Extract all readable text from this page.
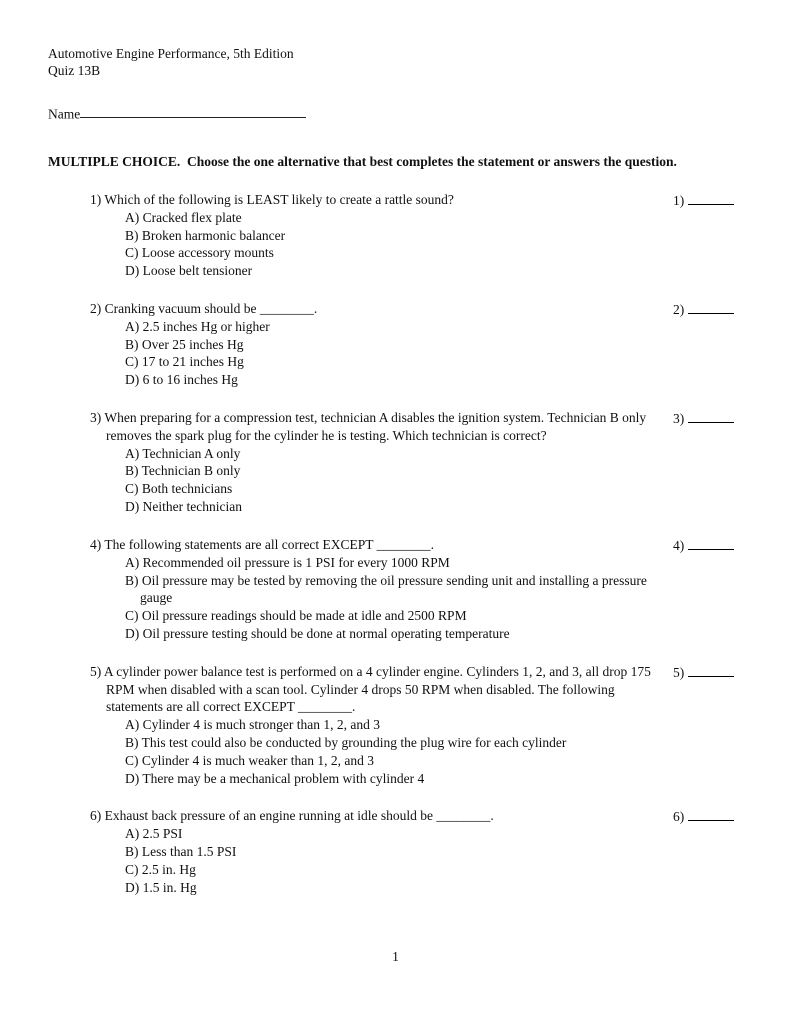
Automotive Engine Performance, 5th Edition
Quiz 13B
Name
MULTIPLE CHOICE.  Choose the one alternative that best completes the statement or answers the question.
1) Which of the following is LEAST likely to create a rattle sound?
A) Cracked flex plate
B) Broken harmonic balancer
C) Loose accessory mounts
D) Loose belt tensioner
1)
2) Cranking vacuum should be ________.
A) 2.5 inches Hg or higher
B) Over 25 inches Hg
C) 17 to 21 inches Hg
D) 6 to 16 inches Hg
2)
3) When preparing for a compression test, technician A disables the ignition system. Technician B only removes the spark plug for the cylinder he is testing. Which technician is correct?
A) Technician A only
B) Technician B only
C) Both technicians
D) Neither technician
3)
4) The following statements are all correct EXCEPT ________.
A) Recommended oil pressure is 1 PSI for every 1000 RPM
B) Oil pressure may be tested by removing the oil pressure sending unit and installing a pressure gauge
C) Oil pressure readings should be made at idle and 2500 RPM
D) Oil pressure testing should be done at normal operating temperature
4)
5) A cylinder power balance test is performed on a 4 cylinder engine. Cylinders 1, 2, and 3, all drop 175 RPM when disabled with a scan tool. Cylinder 4 drops 50 RPM when disabled. The following statements are all correct EXCEPT ________.
A) Cylinder 4 is much stronger than 1, 2, and 3
B) This test could also be conducted by grounding the plug wire for each cylinder
C) Cylinder 4 is much weaker than 1, 2, and 3
D) There may be a mechanical problem with cylinder 4
5)
6) Exhaust back pressure of an engine running at idle should be ________.
A) 2.5 PSI
B) Less than 1.5 PSI
C) 2.5 in. Hg
D) 1.5 in. Hg
6)
1
